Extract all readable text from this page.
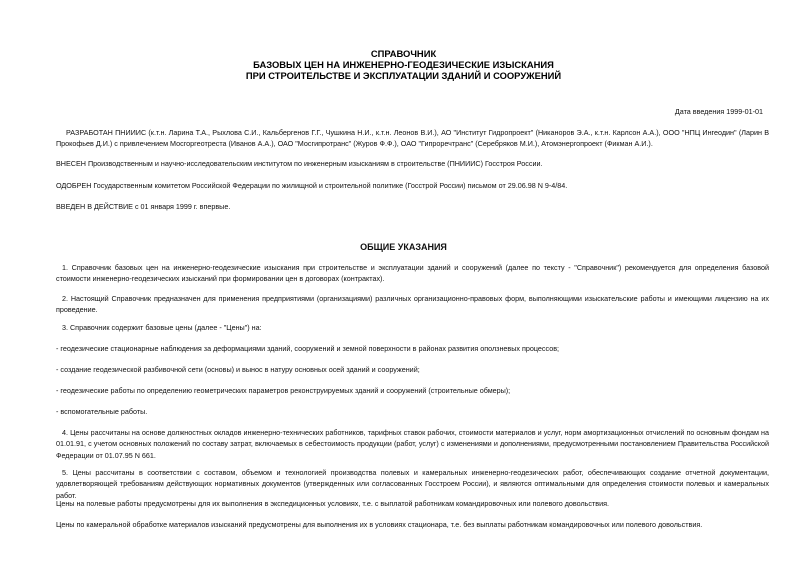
СПРАВОЧНИК
БАЗОВЫХ ЦЕН НА ИНЖЕНЕРНО-ГЕОДЕЗИЧЕСКИЕ ИЗЫСКАНИЯ
ПРИ СТРОИТЕЛЬСТВЕ И ЭКСПЛУАТАЦИИ ЗДАНИЙ И СООРУЖЕНИЙ
Дата введения 1999-01-01
РАЗРАБОТАН ПНИИИС (к.т.н. Ларина Т.А., Рыхлова С.И., Кальбергенов Г.Г., Чушкина Н.И., к.т.н. Леонов В.И.), АО "Институт Гидропроект" (Никаноров Э.А., к.т.н. Карлсон А.А.), ООО "НПЦ Ингеодин" (Ларин В Прокофьев Д.И.) с привлечением Мосгоргеотреста (Иванов А.А.), ОАО "Мосгипротранс" (Журов Ф.Ф.), ОАО "Гипроречтранс" (Серебряков М.И.), Атомэнергопроект (Фикман А.И.).
ВНЕСЕН Производственным и научно-исследовательским институтом по инженерным изысканиям в строительстве (ПНИИИС) Госстроя России.
ОДОБРЕН Государственным комитетом Российской Федерации по жилищной и строительной политике (Госстрой России) письмом от 29.06.98 N 9-4/84.
ВВЕДЕН В ДЕЙСТВИЕ с 01 января 1999 г. впервые.
ОБЩИЕ УКАЗАНИЯ
1. Справочник базовых цен на инженерно-геодезические изыскания при строительстве и эксплуатации зданий и сооружений (далее по тексту - "Справочник") рекомендуется для определения базовой стоимости инженерно-геодезических изысканий при формировании цен в договорах (контрактах).
2. Настоящий Справочник предназначен для применения предприятиями (организациями) различных организационно-правовых форм, выполняющими изыскательские работы и имеющими лицензию на их проведение.
3. Справочник содержит базовые цены (далее - "Цены") на:
- геодезические стационарные наблюдения за деформациями зданий, сооружений и земной поверхности в районах развития оползневых процессов;
- создание геодезической разбивочной сети (основы) и вынос в натуру основных осей зданий и сооружений;
- геодезические работы по определению геометрических параметров реконструируемых зданий и сооружений (строительные обмеры);
- вспомогательные работы.
4. Цены рассчитаны на основе должностных окладов инженерно-технических работников, тарифных ставок рабочих, стоимости материалов и услуг, норм амортизационных отчислений по основным фондам на 01.01.91, с учетом основных положений по составу затрат, включаемых в себестоимость продукции (работ, услуг) с изменениями и дополнениями, предусмотренными постановлением Правительства Российской Федерации от 01.07.95 N 661.
5. Цены рассчитаны в соответствии с составом, объемом и технологией производства полевых и камеральных инженерно-геодезических работ, обеспечивающих создание отчетной документации, удовлетворяющей требованиям действующих нормативных документов (утвержденных или согласованных Госстроем России), и являются оптимальными для определения стоимости полевых и камеральных работ.
Цены на полевые работы предусмотрены для их выполнения в экспедиционных условиях, т.е. с выплатой работникам командировочных или полевого довольствия.
Цены по камеральной обработке материалов изысканий предусмотрены для выполнения их в условиях стационара, т.е. без выплаты работникам командировочных или полевого довольствия.
